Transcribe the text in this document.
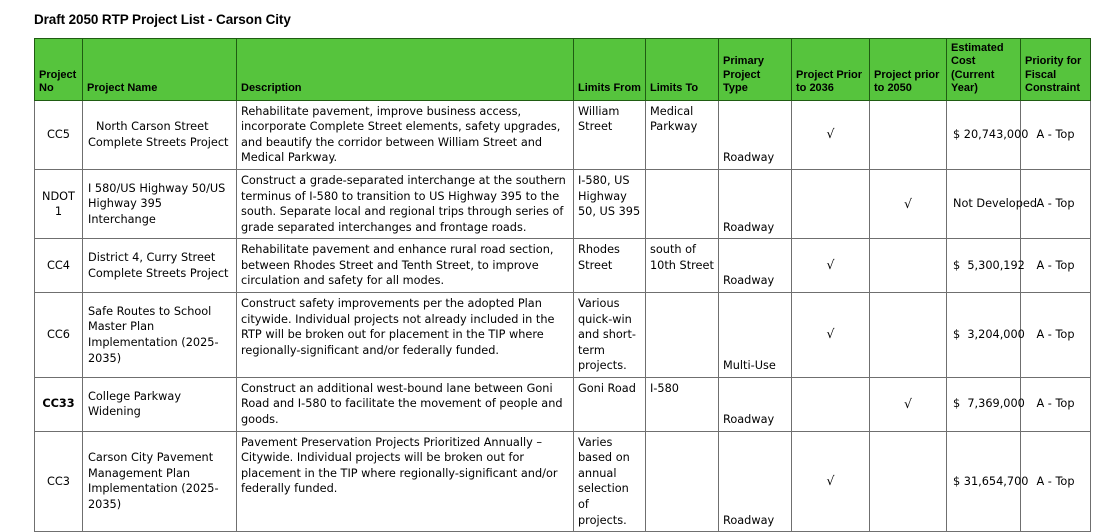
Draft 2050 RTP Project List - Carson City
Project No	Project Name	Description	Limits From	Limits To	Primary Project Type	Project Prior to 2036	Project prior to 2050	Estimated Cost (Current Year)	Priority for Fiscal Constraint
CC5	North Carson Street Complete Streets Project	Rehabilitate pavement, improve business access, incorporate Complete Street elements, safety upgrades, and beautify the corridor between William Street and Medical Parkway.	William Street	Medical Parkway	Roadway	√		$ 20,743,000	A - Top
NDOT 1	I 580/US Highway 50/US Highway 395 Interchange	Construct a grade-separated interchange at the southern terminus of I-580 to transition to US Highway 395 to the south. Separate local and regional trips through series of grade separated interchanges and frontage roads.	I-580, US Highway 50, US 395		Roadway		√	Not Developed	A - Top
CC4	District 4, Curry Street Complete Streets Project	Rehabilitate pavement and enhance rural road section, between Rhodes Street and Tenth Street, to improve circulation and safety for all modes.	Rhodes Street	south of 10th Street	Roadway	√		$  5,300,192	A - Top
CC6	Safe Routes to School Master Plan Implementation (2025-2035)	Construct safety improvements per the adopted Plan citywide. Individual projects not already included in the RTP will be broken out for placement in the TIP where regionally-significant and/or federally funded.	Various quick-win and short-term projects.		Multi-Use	√		$  3,204,000	A - Top
CC33	College Parkway Widening	Construct an additional west-bound lane between Goni Road and I-580 to facilitate the movement of people and goods.	Goni Road	I-580	Roadway		√	$  7,369,000	A - Top
CC3	Carson City Pavement Management Plan Implementation (2025-2035)	Pavement Preservation Projects Prioritized Annually – Citywide. Individual projects will be broken out for placement in the TIP where regionally-significant and/or federally funded.	Varies based on annual selection of projects.		Roadway	√		$ 31,654,700	A - Top
